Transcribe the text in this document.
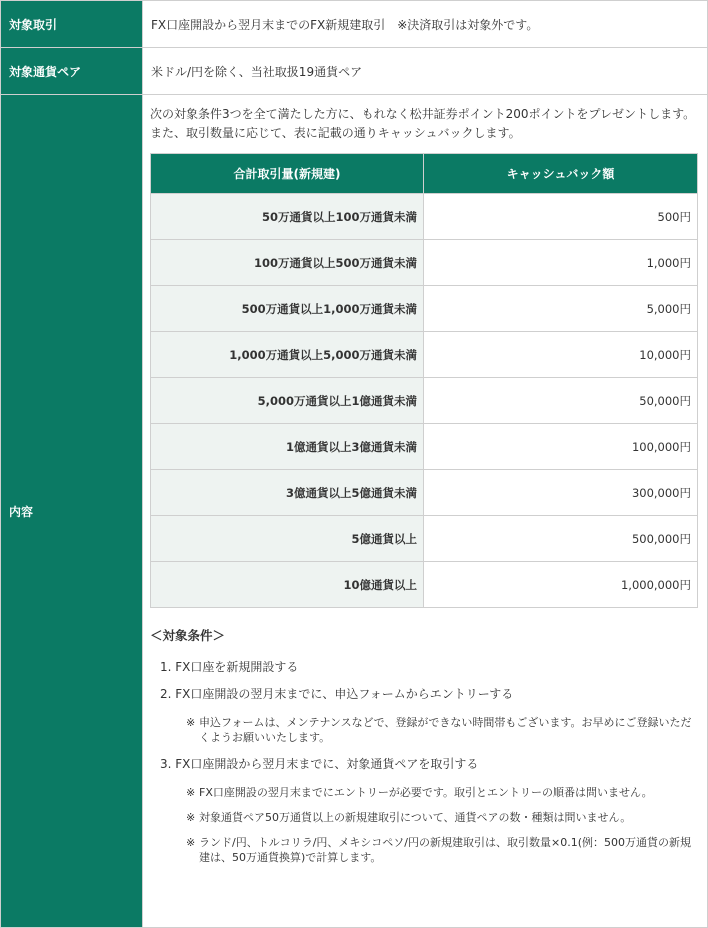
対象取引	FX口座開設から翌月末までのFX新規建取引　※決済取引は対象外です。
対象通貨ペア	米ドル/円を除く、当社取扱19通貨ペア
内容

次の対象条件3つを全て満たした方に、もれなく松井証券ポイント200ポイントをプレゼントします。

また、取引数量に応じて、表に記載の通りキャッシュバックします。

合計取引量(新規建)	キャッシュバック額
50万通貨以上100万通貨未満	500円
100万通貨以上500万通貨未満	1,000円
500万通貨以上1,000万通貨未満	5,000円
1,000万通貨以上5,000万通貨未満	10,000円
5,000万通貨以上1億通貨未満	50,000円
1億通貨以上3億通貨未満	100,000円
3億通貨以上5億通貨未満	300,000円
5億通貨以上	500,000円
10億通貨以上	1,000,000円
＜対象条件＞
1. FX口座を新規開設する
2. FX口座開設の翌月末までに、申込フォームからエントリーする
※ 申込フォームは、メンテナンスなどで、登録ができない時間帯もございます。お早めにご登録いただくようお願いいたします。
3. FX口座開設から翌月末までに、対象通貨ペアを取引する
※ FX口座開設の翌月末までにエントリーが必要です。取引とエントリーの順番は問いません。
※ 対象通貨ペア50万通貨以上の新規建取引について、通貨ペアの数・種類は問いません。
※ ランド/円、トルコリラ/円、メキシコペソ/円の新規建取引は、取引数量×0.1(例：500万通貨の新規建は、50万通貨換算)で計算します。
